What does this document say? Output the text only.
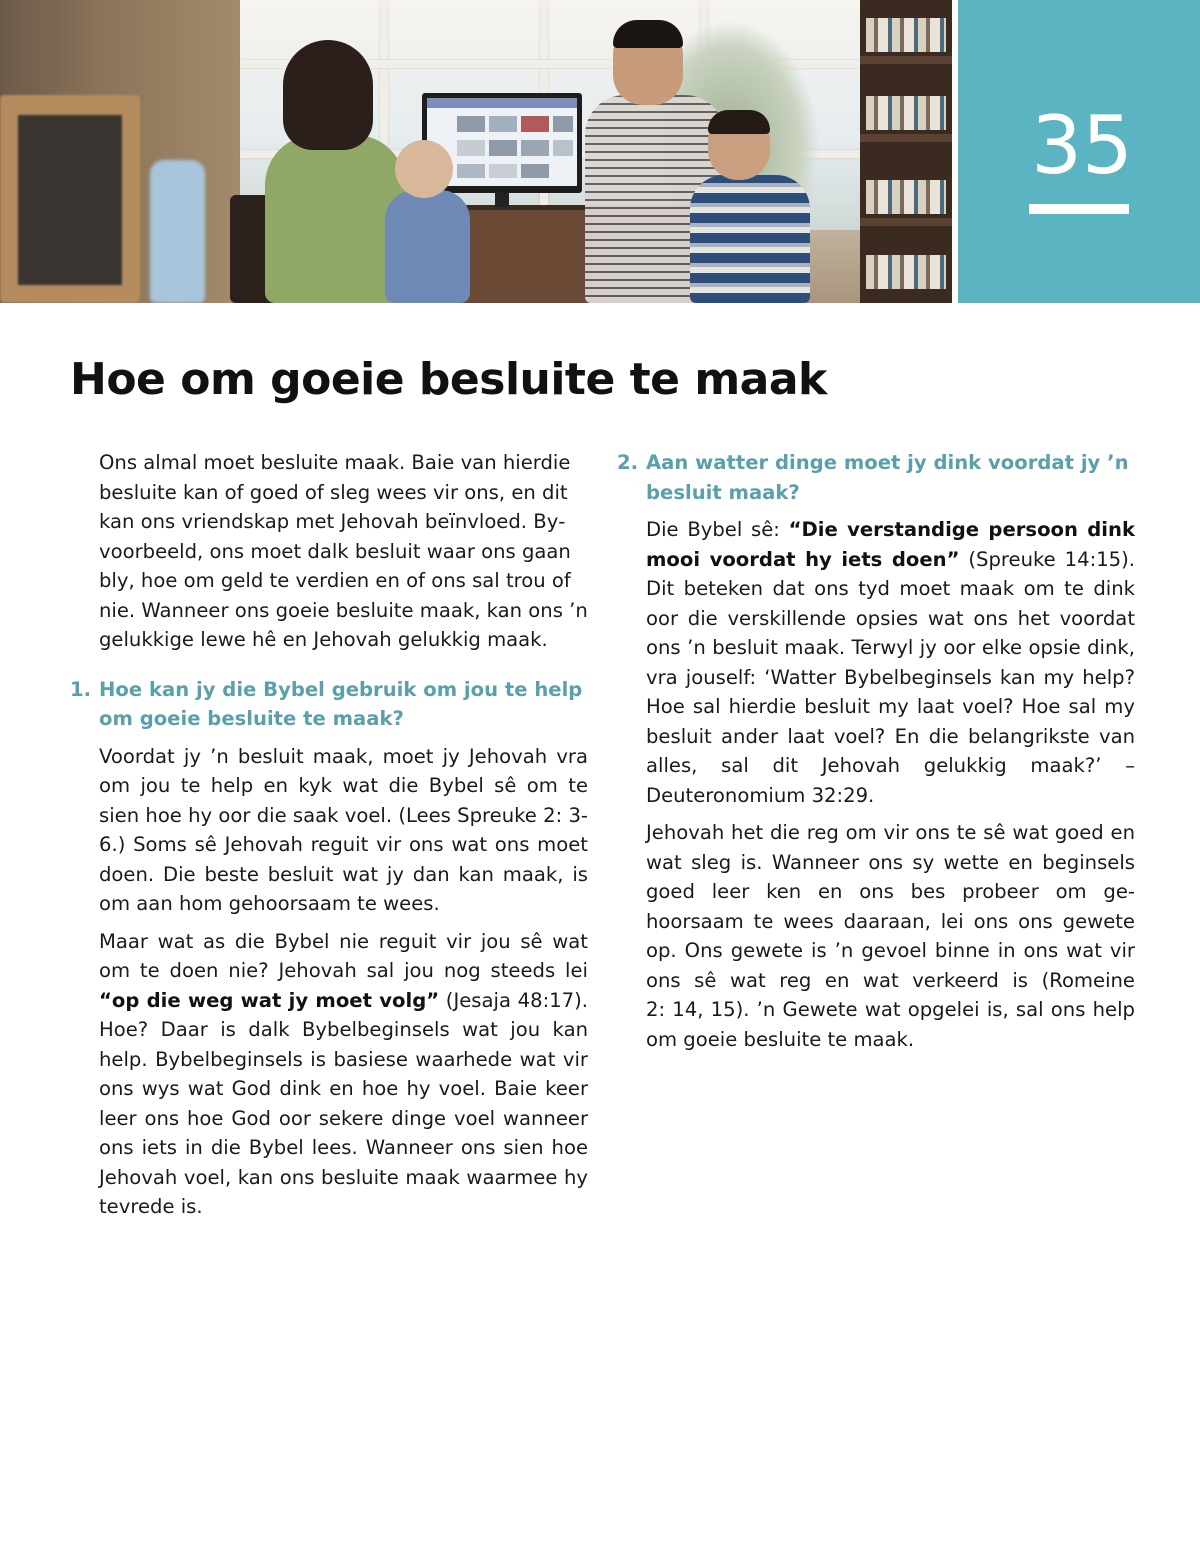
35
Hoe om goeie besluite te maak

Ons almal moet besluite maak. Baie van hierdie besluite kan of goed of sleg wees vir ons, en dit kan ons vriendskap met Jehovah beïnvloed. Byvoorbeeld, ons moet dalk besluit waar ons gaan bly, hoe om geld te verdien en of ons sal trou of nie. Wanneer ons goeie besluite maak, kan ons ’n gelukkige lewe hê en Jehovah gelukkig maak.

1. Hoe kan jy die Bybel gebruik om jou te help om goeie besluite te maak?

Voordat jy ’n besluit maak, moet jy Jehovah vra om jou te help en kyk wat die Bybel sê om te sien hoe hy oor die saak voel. (Lees Spreuke 2: 3-6.) Soms sê Jehovah reguit vir ons wat ons moet doen. Die beste besluit wat jy dan kan maak, is om aan hom gehoorsaam te wees.

Maar wat as die Bybel nie reguit vir jou sê wat om te doen nie? Jehovah sal jou nog steeds lei “op die weg wat jy moet volg” (Jesaja 48:17). Hoe? Daar is dalk Bybelbeginsels wat jou kan help. Bybelbeginsels is basiese waarhede wat vir ons wys wat God dink en hoe hy voel. Baie keer leer ons hoe God oor sekere dinge voel wanneer ons iets in die Bybel lees. Wanneer ons sien hoe Jehovah voel, kan ons besluite maak waarmee hy tevrede is.

2. Aan watter dinge moet jy dink voordat jy ’n besluit maak?

Die Bybel sê: “Die verstandige persoon dink mooi voordat hy iets doen” (Spreuke 14:15). Dit beteken dat ons tyd moet maak om te dink oor die verskillende opsies wat ons het voordat ons ’n besluit maak. Terwyl jy oor elke opsie dink, vra jouself: ‘Watter Bybelbeginsels kan my help? Hoe sal hierdie besluit my laat voel? Hoe sal my besluit ander laat voel? En die belangrikste van alles, sal dit Jehovah gelukkig maak?’ – Deuteronomium 32:29.

Jehovah het die reg om vir ons te sê wat goed en wat sleg is. Wanneer ons sy wette en beginsels goed leer ken en ons bes probeer om gehoorsaam te wees daaraan, lei ons ons gewete op. Ons gewete is ’n gevoel binne in ons wat vir ons sê wat reg en wat verkeerd is (Romeine 2: 14, 15). ’n Gewete wat opgelei is, sal ons help om goeie besluite te maak.
